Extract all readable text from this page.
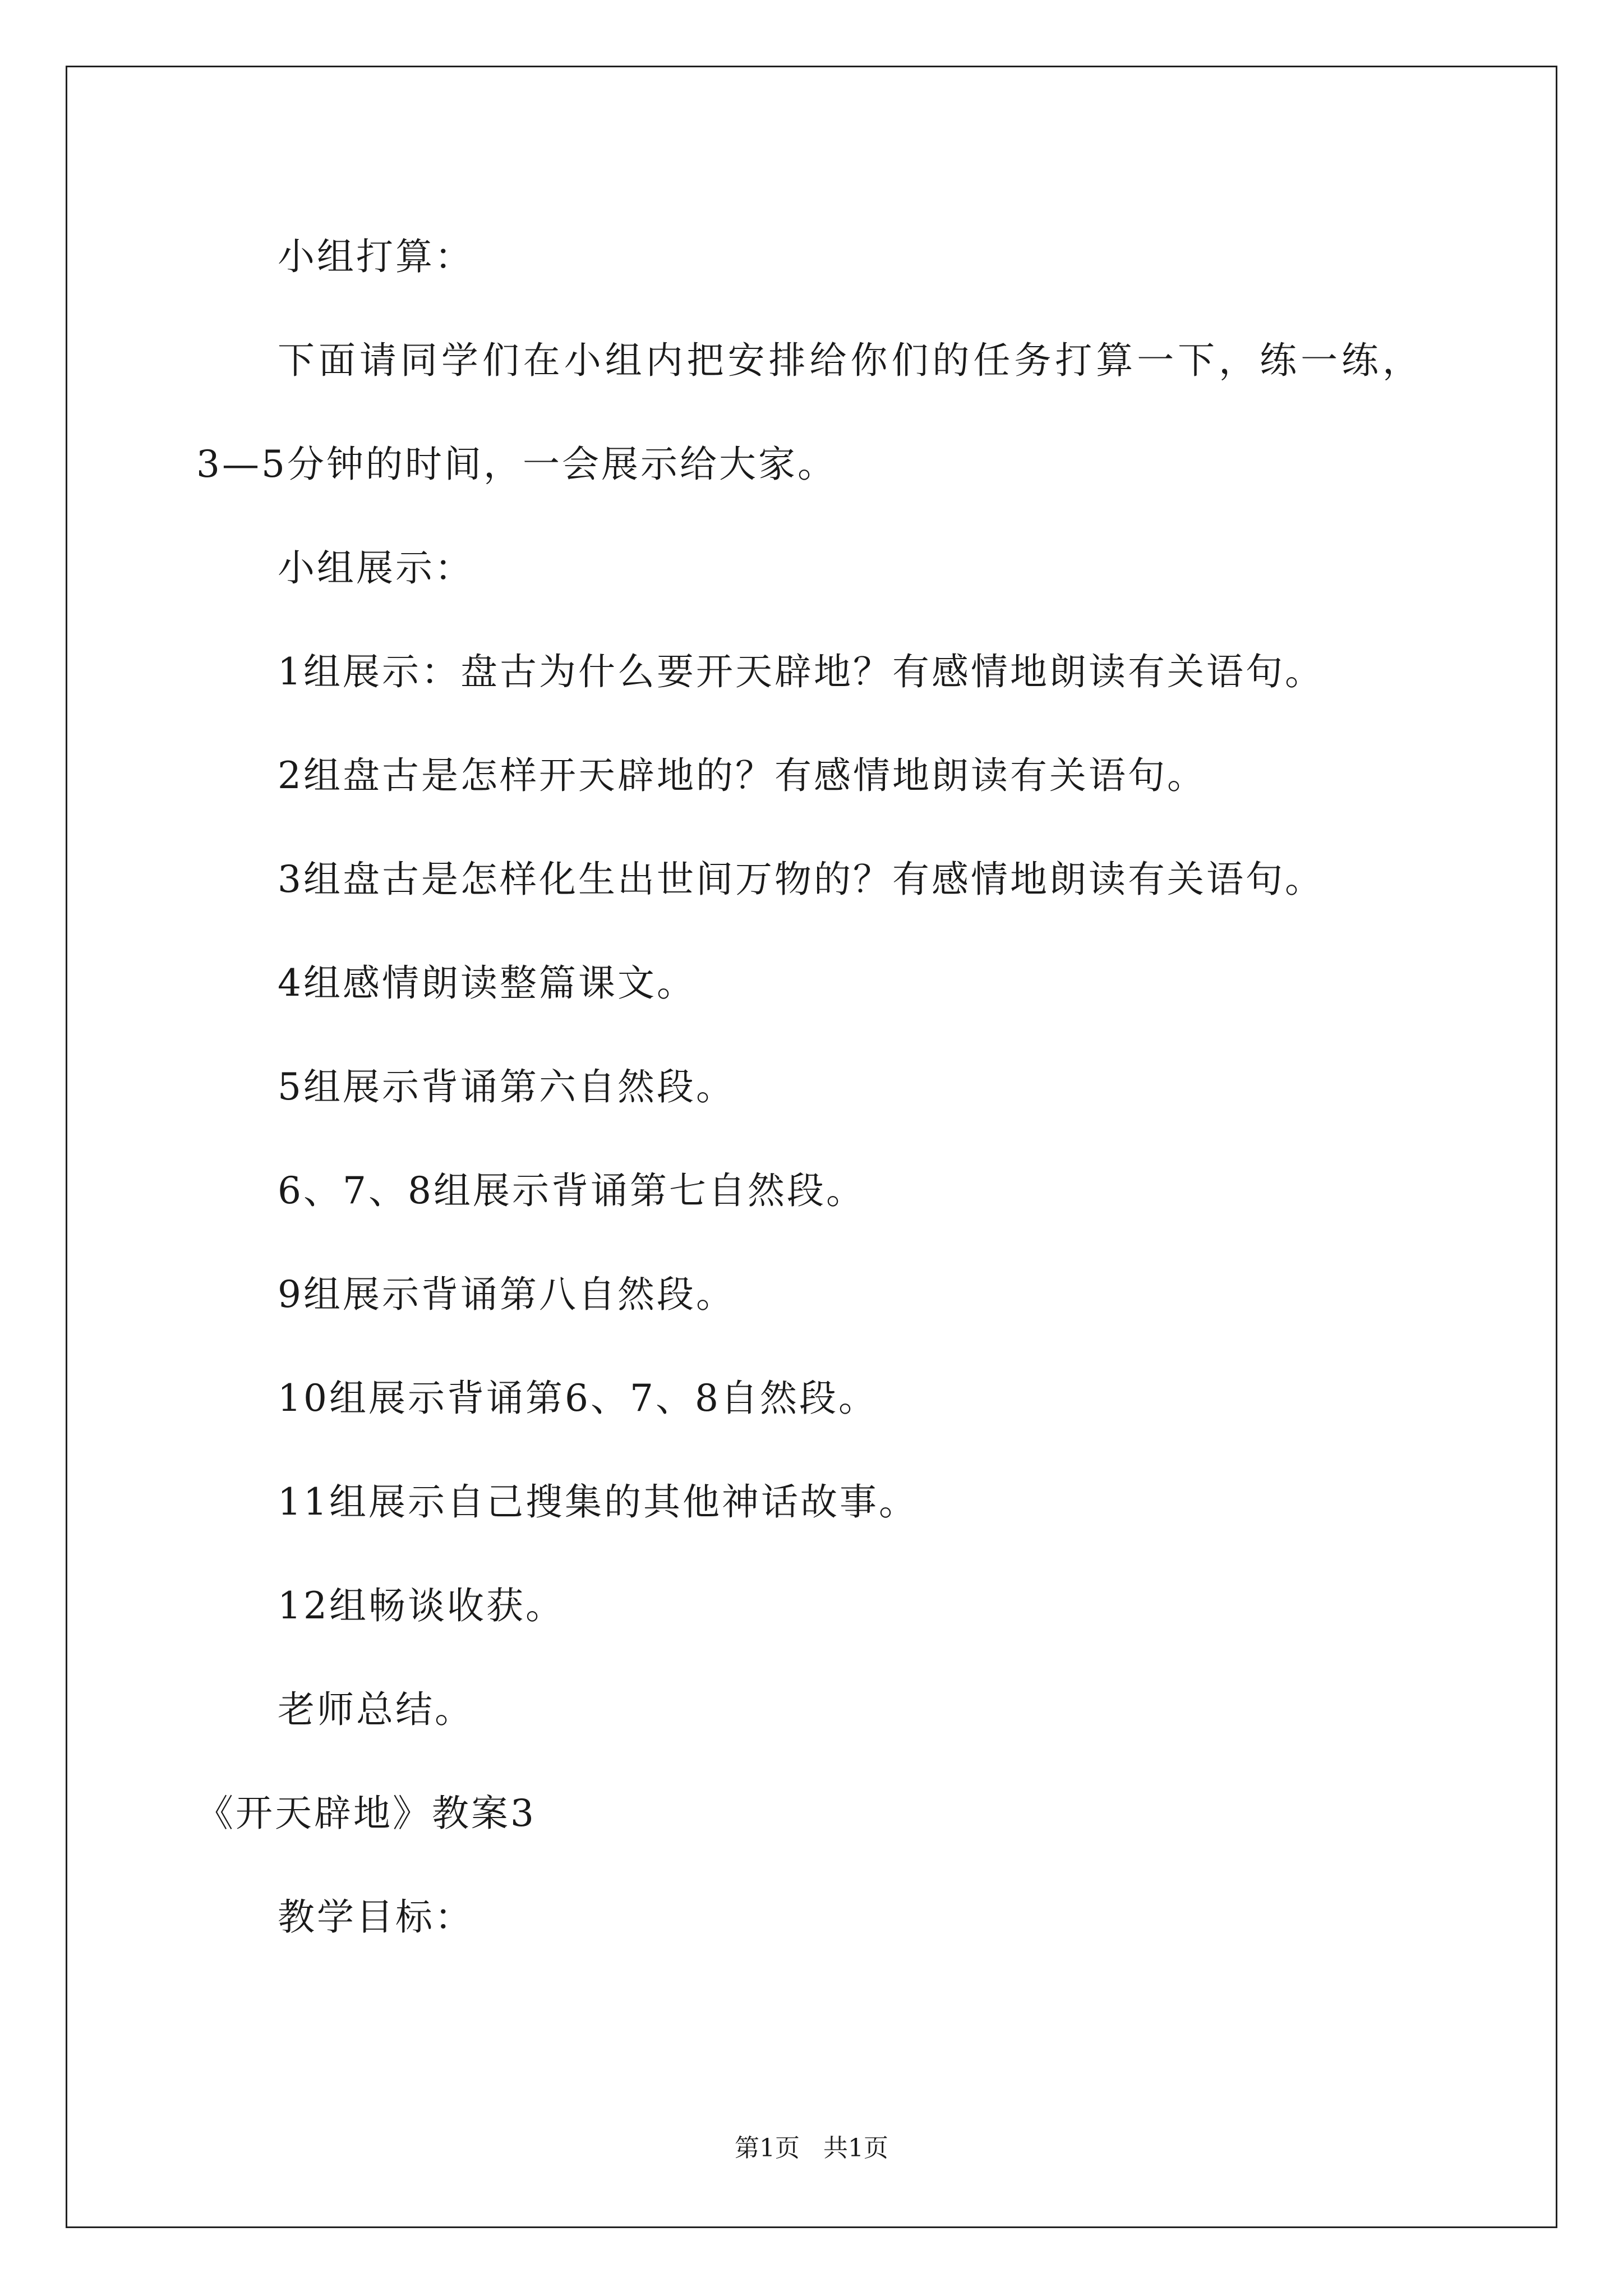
小组打算：
下面请同学们在小组内把安排给你们的任务打算一下，练一练，
3—5分钟的时间，一会展示给大家。
小组展示：
1组展示：盘古为什么要开天辟地？有感情地朗读有关语句。
2组盘古是怎样开天辟地的？有感情地朗读有关语句。
3组盘古是怎样化生出世间万物的？有感情地朗读有关语句。
4组感情朗读整篇课文。
5组展示背诵第六自然段。
6、7、8组展示背诵第七自然段。
9组展示背诵第八自然段。
10组展示背诵第6、7、8自然段。
11组展示自己搜集的其他神话故事。
12组畅谈收获。
老师总结。
《开天辟地》教案3
教学目标：
第1页   共1页
